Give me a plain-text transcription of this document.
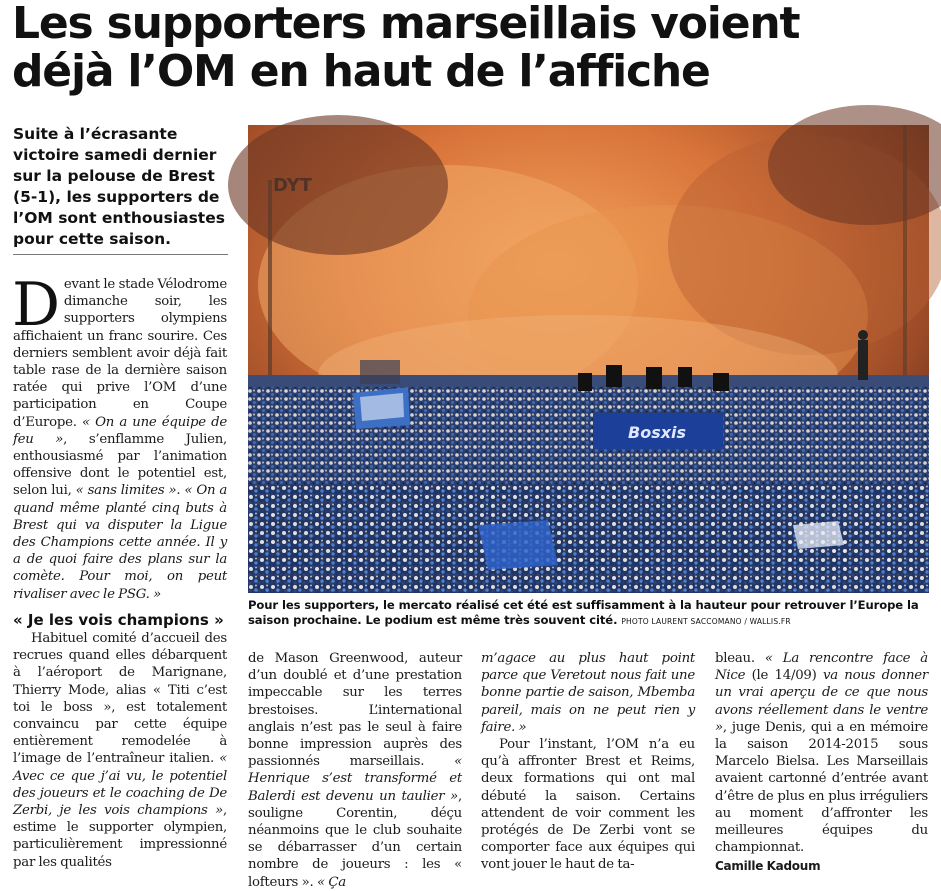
Les supporters marseillais voient
déjà l’OM en haut de l’affiche

Suite à l’écrasante victoire samedi dernier sur la pelouse de Brest (5-1), les supporters de l’OM sont enthousiastes pour cette saison.

Devant le stade Vélodrome dimanche soir, les supporters olympiens affichaient un franc sourire. Ces derniers semblent avoir déjà fait table rase de la dernière saison ratée qui prive l’OM d’une participation en Coupe d’Europe. « On a une équipe de feu », s’enflamme Julien, enthousiasmé par l’animation offensive dont le potentiel est, selon lui, « sans limites ». « On a quand même planté cinq buts à Brest qui va disputer la Ligue des Champions cette année. Il y a de quoi faire des plans sur la comète. Pour moi, on peut rivaliser avec le PSG. »

« Je les vois champions »

Habituel comité d’accueil des recrues quand elles débarquent à l’aéroport de Marignane, Thierry Mode, alias « Titi c’est toi le boss », est totalement convaincu par cette équipe entièrement remodelée à l’image de l’entraîneur italien. « Avec ce que j’ai vu, le potentiel des joueurs et le coaching de De Zerbi, je les vois champions », estime le supporter olympien, particulièrement impressionné par les qualités

de Mason Greenwood, auteur d’un doublé et d’une prestation impeccable sur les terres brestoises. L’international anglais n’est pas le seul à faire bonne impression auprès des passionnés marseillais. « Henrique s’est transformé et Balerdi est devenu un taulier », souligne Corentin, déçu néanmoins que le club souhaite se débarrasser d’un certain nombre de joueurs : les « lofteurs ». « Ça

m’agace au plus haut point parce que Veretout nous fait une bonne partie de saison, Mbemba pareil, mais on ne peut rien y faire. »

Pour l’instant, l’OM n’a eu qu’à affronter Brest et Reims, deux formations qui ont mal débuté la saison. Certains attendent de voir comment les protégés de De Zerbi vont se comporter face aux équipes qui vont jouer le haut de ta-

bleau. « La rencontre face à Nice (le 14/09) va nous donner un vrai aperçu de ce que nous avons réellement dans le ventre », juge Denis, qui a en mémoire la saison 2014-2015 sous Marcelo Bielsa. Les Marseillais avaient cartonné d’entrée avant d’être de plus en plus irréguliers au moment d’affronter les meilleures équipes du championnat.

Camille Kadoum

DYT
Bosxis
Pour les supporters, le mercato réalisé cet été est suffisamment à la hauteur pour retrouver l’Europe la saison prochaine. Le podium est même très souvent cité. PHOTO LAURENT SACCOMANO / WALLIS.FR
